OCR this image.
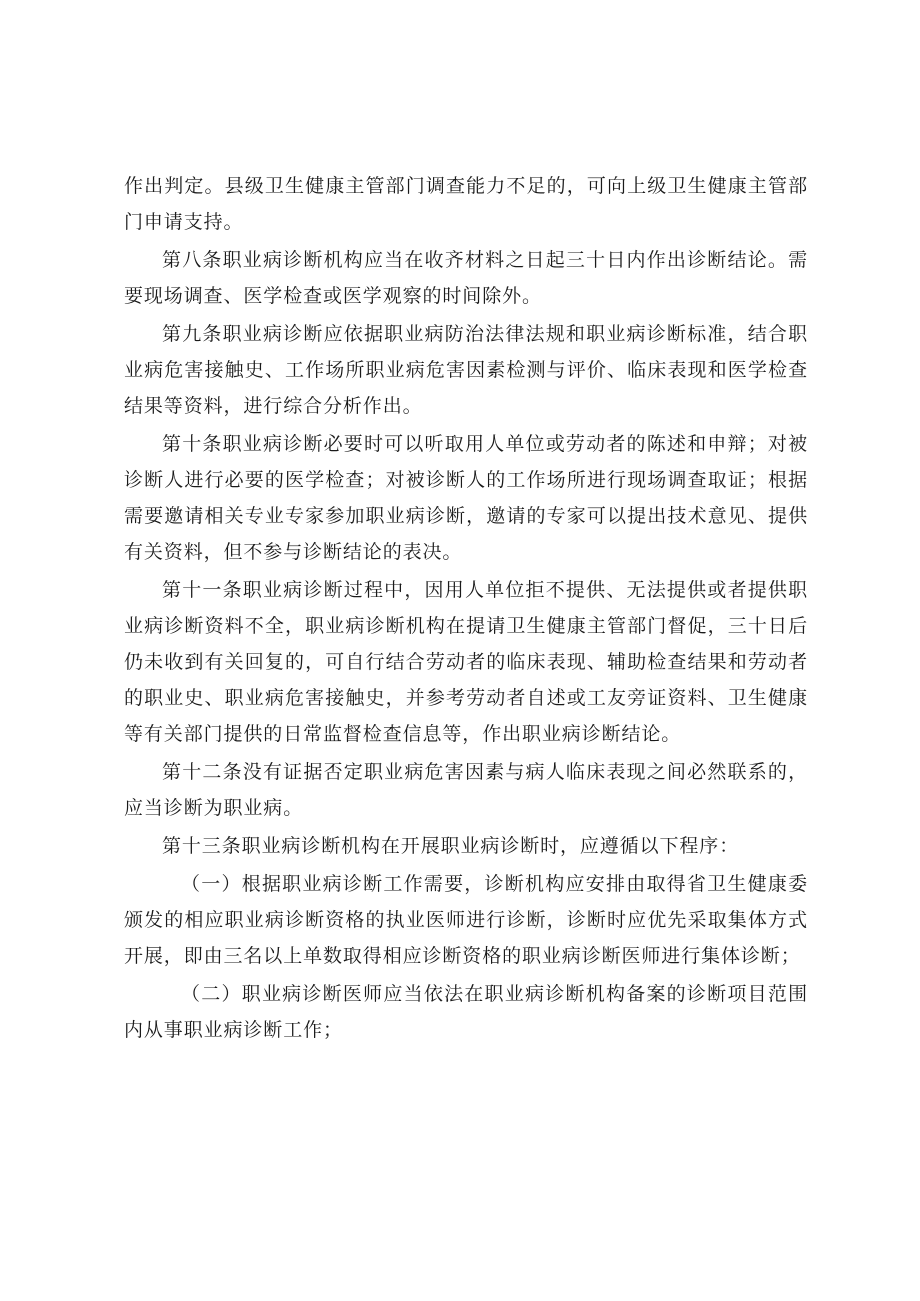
作出判定。县级卫生健康主管部门调查能力不足的，可向上级卫生健康主管部门申请支持。

第八条职业病诊断机构应当在收齐材料之日起三十日内作出诊断结论。需要现场调查、医学检查或医学观察的时间除外。

第九条职业病诊断应依据职业病防治法律法规和职业病诊断标准，结合职业病危害接触史、工作场所职业病危害因素检测与评价、临床表现和医学检查结果等资料，进行综合分析作出。

第十条职业病诊断必要时可以听取用人单位或劳动者的陈述和申辩；对被诊断人进行必要的医学检查；对被诊断人的工作场所进行现场调查取证；根据需要邀请相关专业专家参加职业病诊断，邀请的专家可以提出技术意见、提供有关资料，但不参与诊断结论的表决。

第十一条职业病诊断过程中，因用人单位拒不提供、无法提供或者提供职业病诊断资料不全，职业病诊断机构在提请卫生健康主管部门督促，三十日后仍未收到有关回复的，可自行结合劳动者的临床表现、辅助检查结果和劳动者的职业史、职业病危害接触史，并参考劳动者自述或工友旁证资料、卫生健康等有关部门提供的日常监督检查信息等，作出职业病诊断结论。

第十二条没有证据否定职业病危害因素与病人临床表现之间必然联系的，应当诊断为职业病。

第十三条职业病诊断机构在开展职业病诊断时，应遵循以下程序：

（一）根据职业病诊断工作需要，诊断机构应安排由取得省卫生健康委颁发的相应职业病诊断资格的执业医师进行诊断，诊断时应优先采取集体方式开展，即由三名以上单数取得相应诊断资格的职业病诊断医师进行集体诊断；

（二）职业病诊断医师应当依法在职业病诊断机构备案的诊断项目范围内从事职业病诊断工作；
